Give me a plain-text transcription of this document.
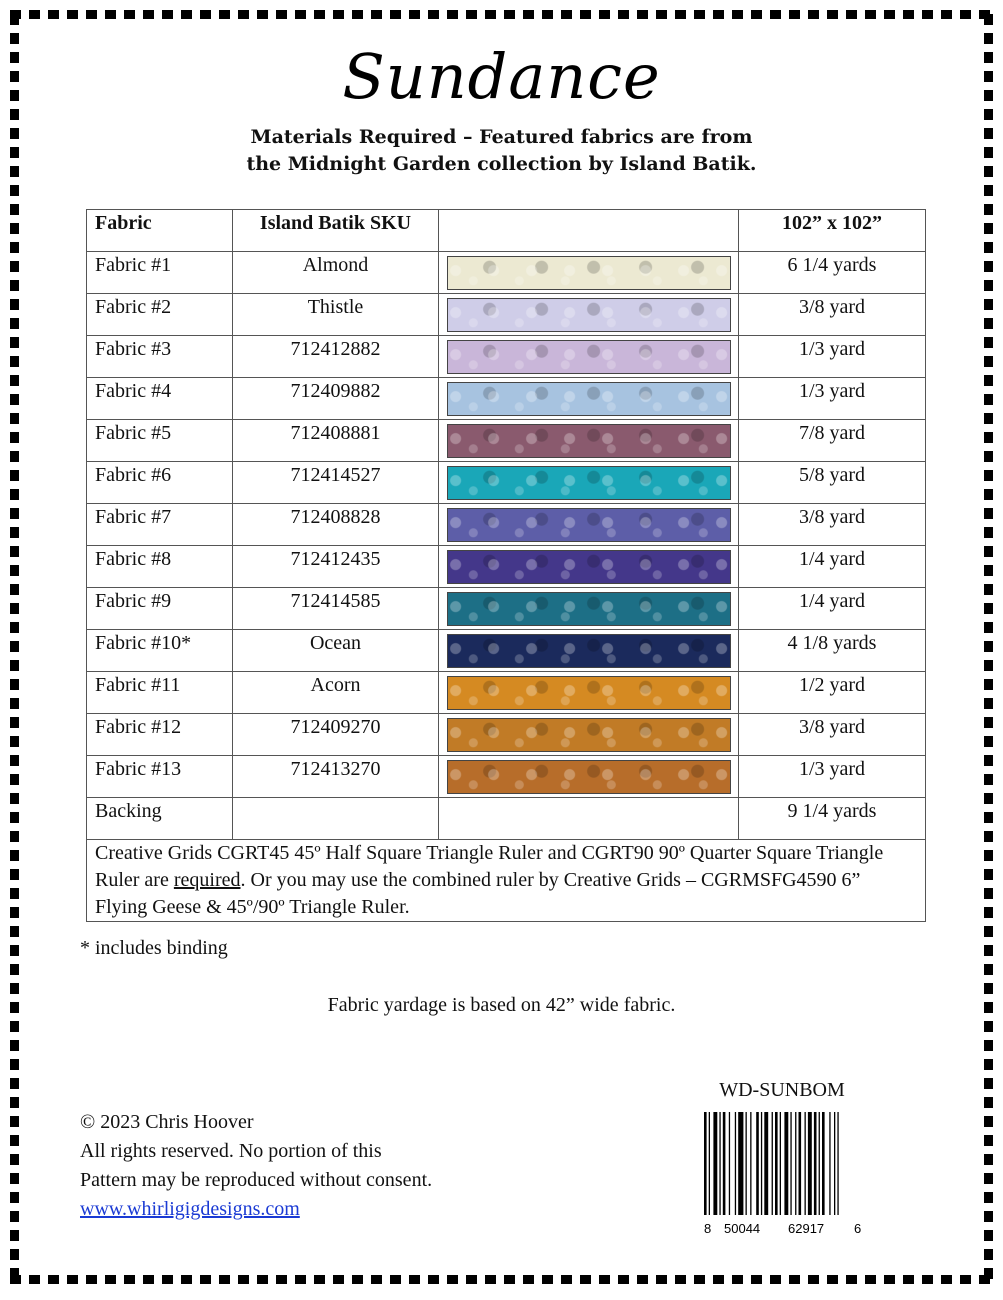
Sundance
Materials Required – Featured fabrics are from
the Midnight Garden collection by Island Batik.
Fabric	Island Batik SKU		102” x 102”
Fabric #1	Almond		6 1/4 yards
Fabric #2	Thistle		3/8 yard
Fabric #3	712412882		1/3 yard
Fabric #4	712409882		1/3 yard
Fabric #5	712408881		7/8 yard
Fabric #6	712414527		5/8 yard
Fabric #7	712408828		3/8 yard
Fabric #8	712412435		1/4 yard
Fabric #9	712414585		1/4 yard
Fabric #10*	Ocean		4 1/8 yards
Fabric #11	Acorn		1/2 yard
Fabric #12	712409270		3/8 yard
Fabric #13	712413270		1/3 yard
Backing			9 1/4 yards
Creative Grids CGRT45 45º Half Square Triangle Ruler and CGRT90 90º Quarter Square Triangle Ruler are required. Or you may use the combined ruler by Creative Grids – CGRMSFG4590 6” Flying Geese & 45º/90º Triangle Ruler.			
* includes binding
Fabric yardage is based on 42” wide fabric.
© 2023 Chris Hoover
All rights reserved. No portion of this
Pattern may be reproduced without consent.
www.whirligigdesigns.com
WD-SUNBOM
8 50044 62917 6
